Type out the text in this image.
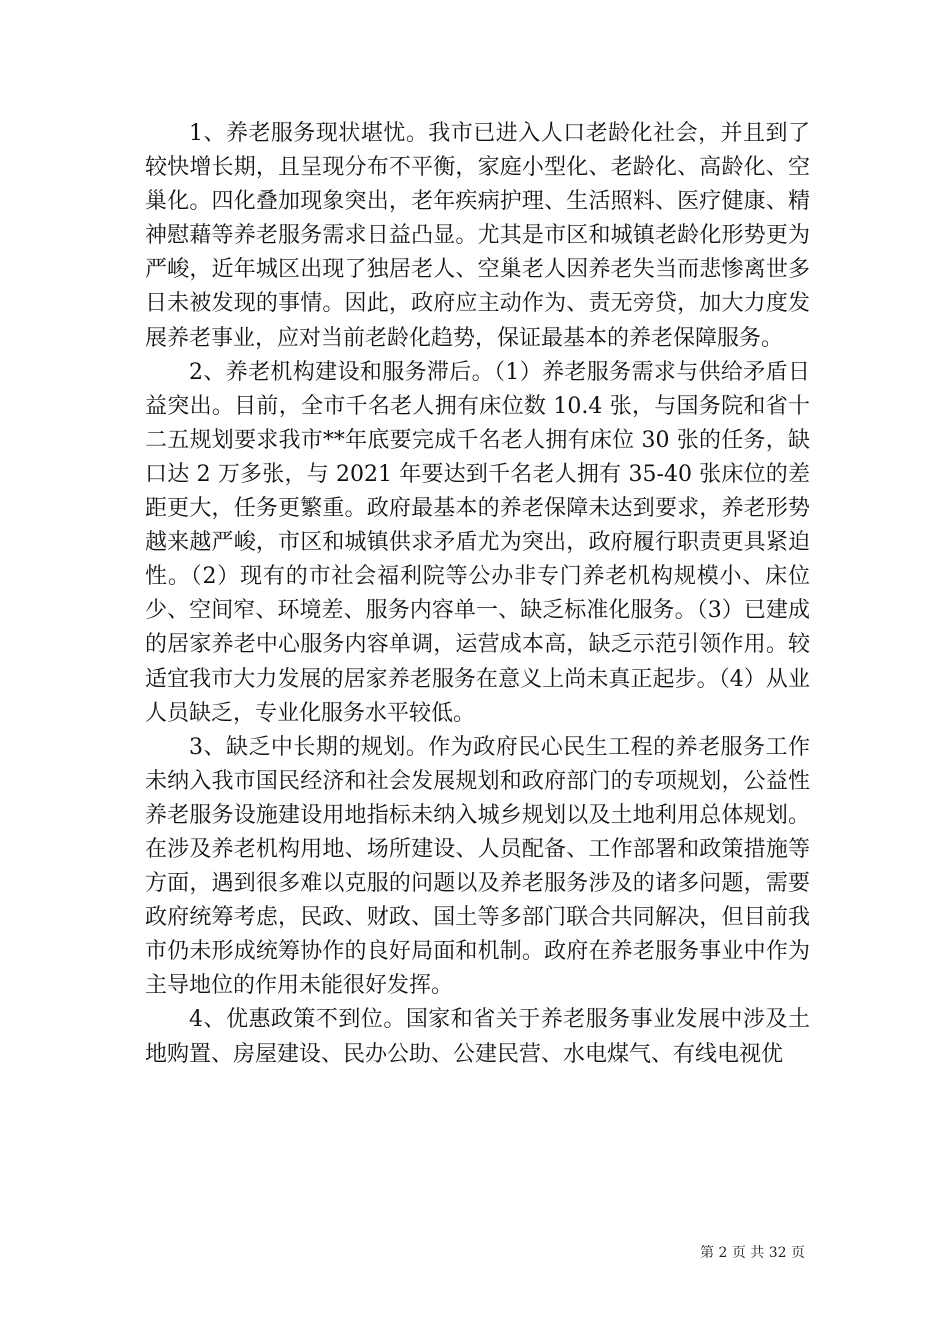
1、养老服务现状堪忧。我市已进入人口老龄化社会，并且到了较快增长期，且呈现分布不平衡，家庭小型化、老龄化、高龄化、空巢化。四化叠加现象突出，老年疾病护理、生活照料、医疗健康、精神慰藉等养老服务需求日益凸显。尤其是市区和城镇老龄化形势更为严峻，近年城区出现了独居老人、空巢老人因养老失当而悲惨离世多日未被发现的事情。因此，政府应主动作为、责无旁贷，加大力度发展养老事业，应对当前老龄化趋势，保证最基本的养老保障服务。

2、养老机构建设和服务滞后。（1）养老服务需求与供给矛盾日益突出。目前，全市千名老人拥有床位数 10.4 张，与国务院和省十二五规划要求我市**年底要完成千名老人拥有床位 30 张的任务，缺口达 2 万多张，与 2021 年要达到千名老人拥有 35-40 张床位的差距更大，任务更繁重。政府最基本的养老保障未达到要求，养老形势越来越严峻，市区和城镇供求矛盾尤为突出，政府履行职责更具紧迫性。（2）现有的市社会福利院等公办非专门养老机构规模小、床位少、空间窄、环境差、服务内容单一、缺乏标准化服务。（3）已建成的居家养老中心服务内容单调，运营成本高，缺乏示范引领作用。较适宜我市大力发展的居家养老服务在意义上尚未真正起步。（4）从业人员缺乏，专业化服务水平较低。

3、缺乏中长期的规划。作为政府民心民生工程的养老服务工作未纳入我市国民经济和社会发展规划和政府部门的专项规划，公益性养老服务设施建设用地指标未纳入城乡规划以及土地利用总体规划。在涉及养老机构用地、场所建设、人员配备、工作部署和政策措施等方面，遇到很多难以克服的问题以及养老服务涉及的诸多问题，需要政府统筹考虑，民政、财政、国土等多部门联合共同解决，但目前我市仍未形成统筹协作的良好局面和机制。政府在养老服务事业中作为主导地位的作用未能很好发挥。

4、优惠政策不到位。国家和省关于养老服务事业发展中涉及土地购置、房屋建设、民办公助、公建民营、水电煤气、有线电视优

第 2 页 共 32 页
